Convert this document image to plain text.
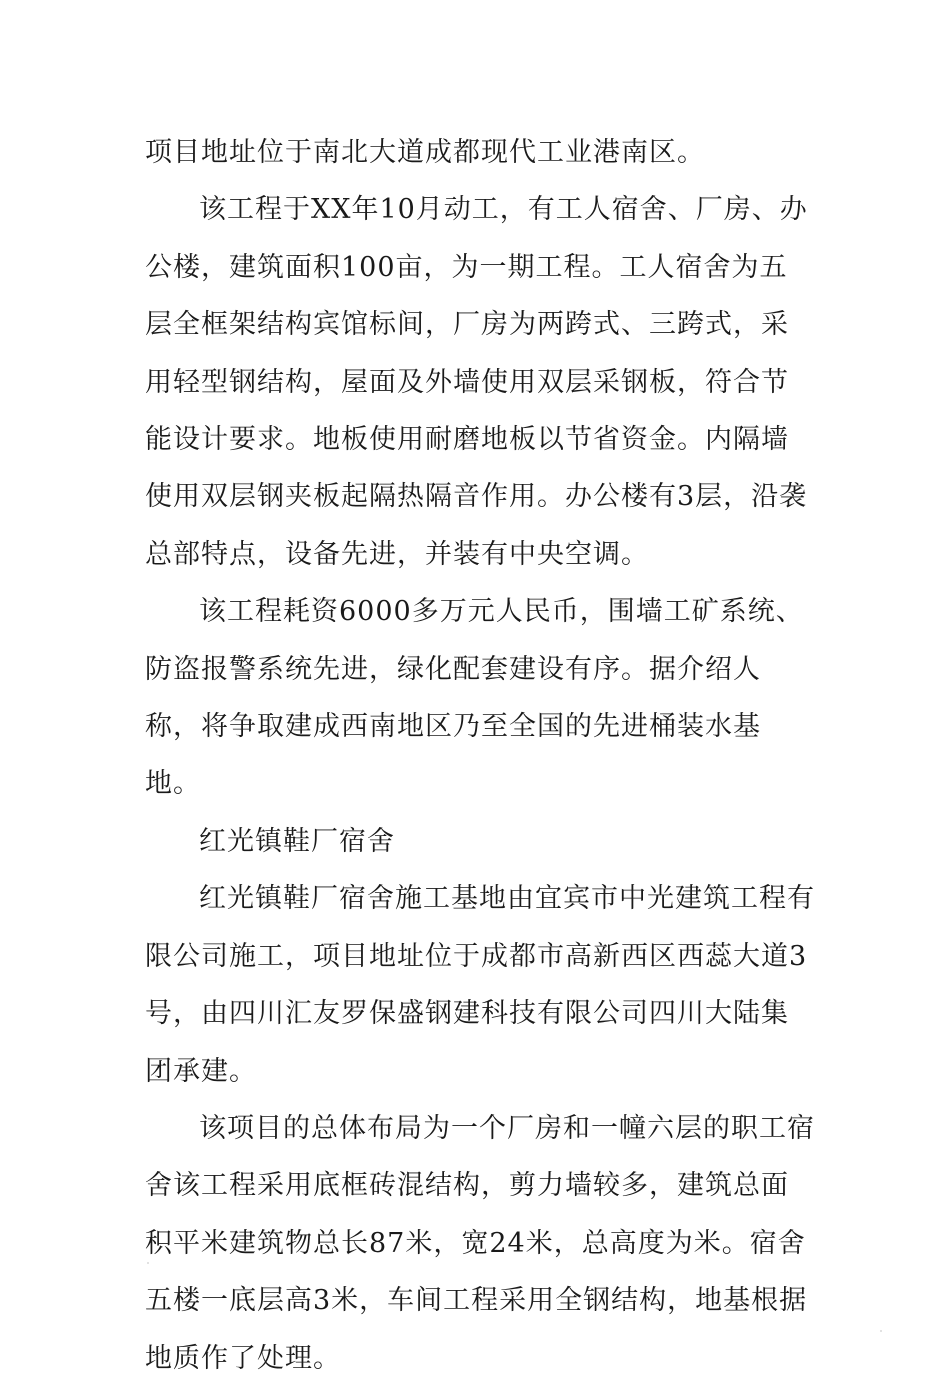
项目地址位于南北大道成都现代工业港南区。

该工程于XX年10月动工，有工人宿舍、厂房、办公楼，建筑面积100亩，为一期工程。工人宿舍为五层全框架结构宾馆标间，厂房为两跨式、三跨式，采用轻型钢结构，屋面及外墙使用双层采钢板，符合节能设计要求。地板使用耐磨地板以节省资金。内隔墙使用双层钢夹板起隔热隔音作用。办公楼有3层，沿袭总部特点，设备先进，并装有中央空调。

该工程耗资6000多万元人民币，围墙工矿系统、防盗报警系统先进，绿化配套建设有序。据介绍人称，将争取建成西南地区乃至全国的先进桶装水基地。

红光镇鞋厂宿舍

红光镇鞋厂宿舍施工基地由宜宾市中光建筑工程有限公司施工，项目地址位于成都市高新西区西蕊大道3号，由四川汇友罗保盛钢建科技有限公司四川大陆集团承建。

该项目的总体布局为一个厂房和一幢六层的职工宿舍该工程采用底框砖混结构，剪力墙较多，建筑总面积平米建筑物总长87米，宽24米，总高度为米。宿舍五楼一底层高3米，车间工程采用全钢结构，地基根据地质作了处理。
